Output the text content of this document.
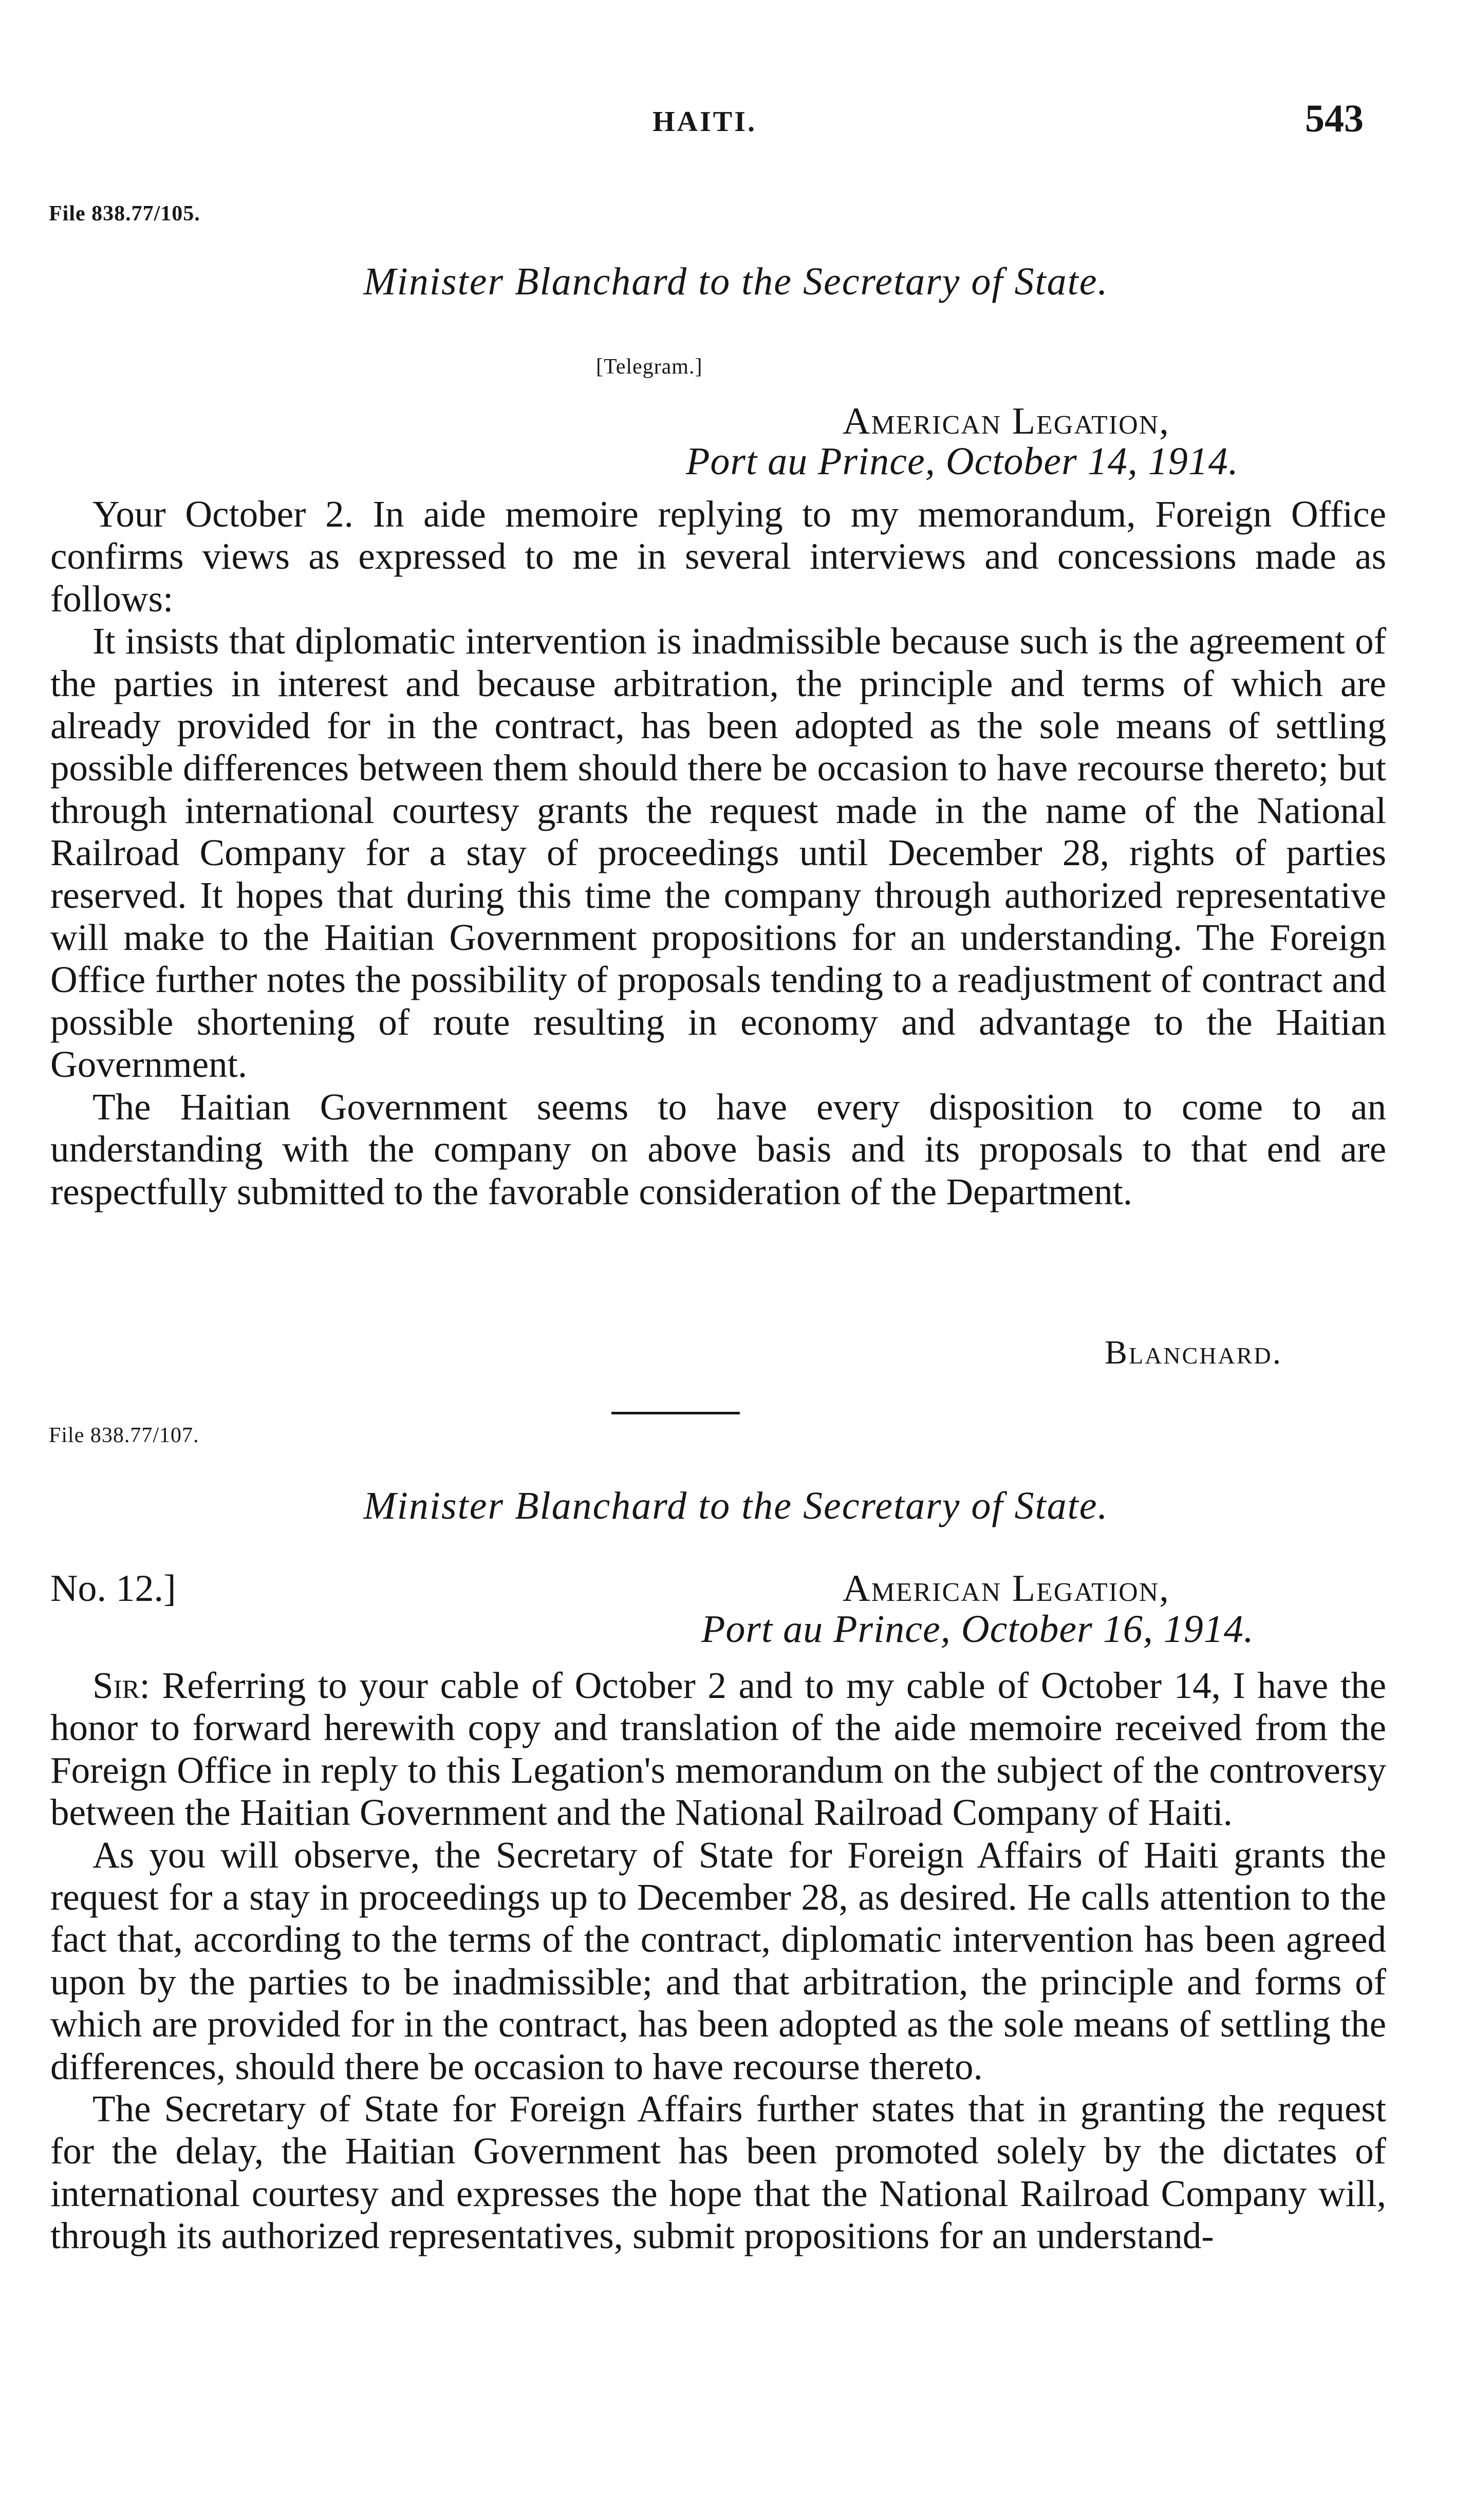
HAITI.	543
File 838.77/105.
Minister Blanchard to the Secretary of State.
[Telegram.]
American Legation,
Port au Prince, October 14, 1914.

Your October 2. In aide memoire replying to my memorandum, Foreign Office confirms views as expressed to me in several interviews and concessions made as follows:

It insists that diplomatic intervention is inadmissible because such is the agreement of the parties in interest and because arbitration, the principle and terms of which are already provided for in the contract, has been adopted as the sole means of settling possible differences between them should there be occasion to have recourse thereto; but through international courtesy grants the request made in the name of the National Railroad Company for a stay of proceedings until December 28, rights of parties reserved. It hopes that during this time the company through authorized representative will make to the Haitian Government propositions for an understanding. The Foreign Office further notes the possibility of proposals tending to a readjustment of contract and possible shortening of route resulting in economy and advantage to the Haitian Government.

The Haitian Government seems to have every disposition to come to an understanding with the company on above basis and its proposals to that end are respectfully submitted to the favorable consideration of the Department.

Blanchard.
File 838.77/107.
Minister Blanchard to the Secretary of State.
No. 12.]	American Legation,
Port au Prince, October 16, 1914.

Sir: Referring to your cable of October 2 and to my cable of October 14, I have the honor to forward herewith copy and translation of the aide memoire received from the Foreign Office in reply to this Legation's memorandum on the subject of the controversy between the Haitian Government and the National Railroad Company of Haiti.

As you will observe, the Secretary of State for Foreign Affairs of Haiti grants the request for a stay in proceedings up to December 28, as desired. He calls attention to the fact that, according to the terms of the contract, diplomatic intervention has been agreed upon by the parties to be inadmissible; and that arbitration, the principle and forms of which are provided for in the contract, has been adopted as the sole means of settling the differences, should there be occasion to have recourse thereto.

The Secretary of State for Foreign Affairs further states that in granting the request for the delay, the Haitian Government has been promoted solely by the dictates of international courtesy and expresses the hope that the National Railroad Company will, through its authorized representatives, submit propositions for an understand-
